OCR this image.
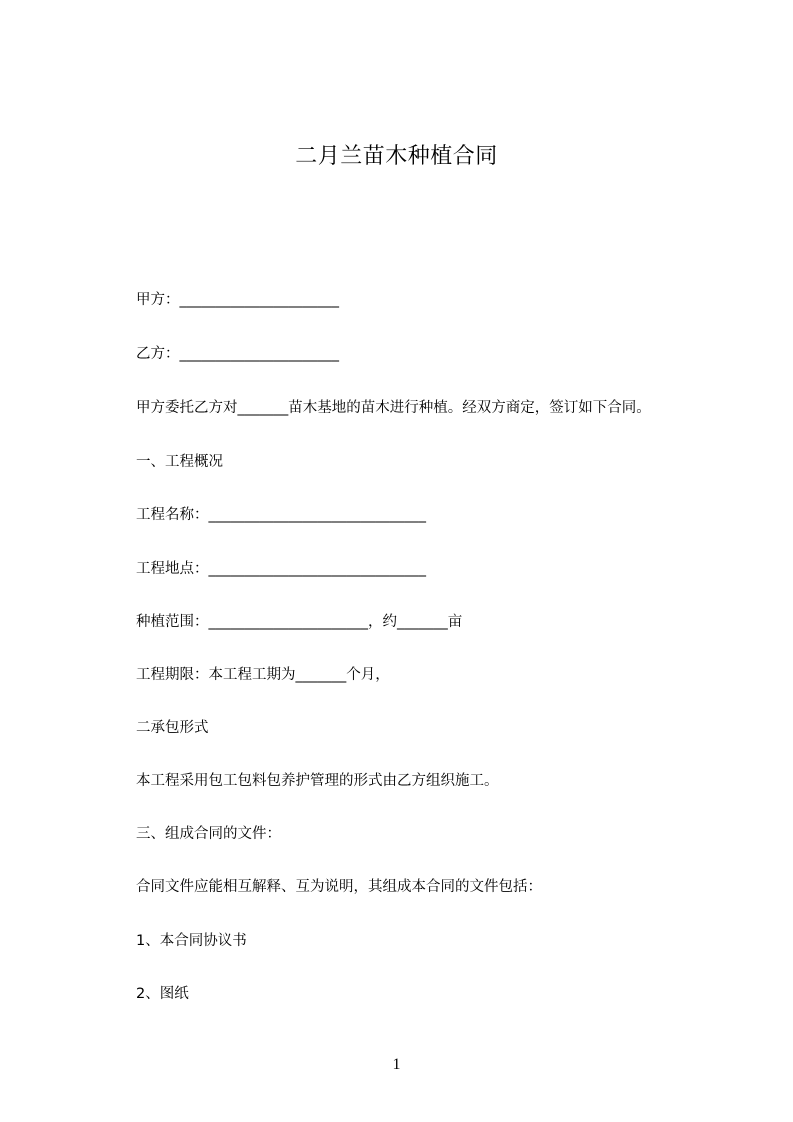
二月兰苗木种植合同
甲方：______________________
乙方：______________________
甲方委托乙方对_______苗木基地的苗木进行种植。经双方商定，签订如下合同。
一、工程概况
工程名称：______________________________
工程地点：______________________________
种植范围：______________________，约_______亩
工程期限：本工程工期为_______个月，
二承包形式
本工程采用包工包料包养护管理的形式由乙方组织施工。
三、组成合同的文件：
合同文件应能相互解释、互为说明，其组成本合同的文件包括：
1、本合同协议书
2、图纸
1
